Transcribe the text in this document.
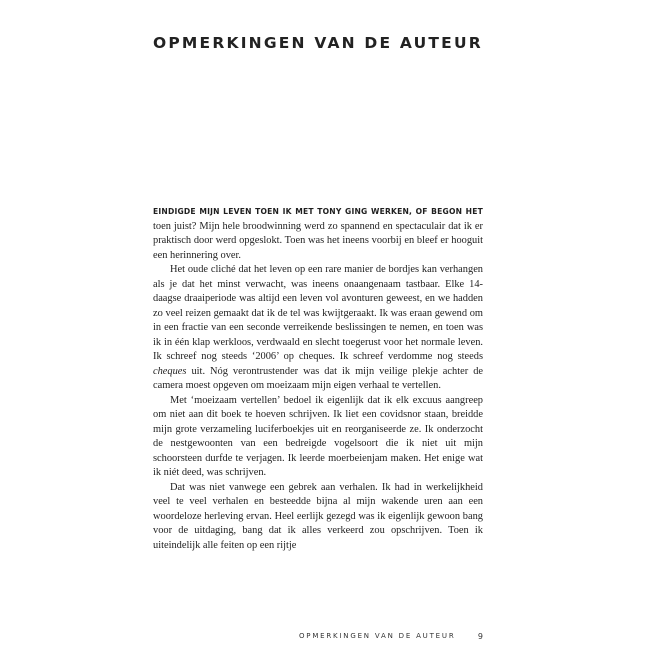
OPMERKINGEN VAN DE AUTEUR

EINDIGDE MIJN LEVEN TOEN IK MET TONY GING WERKEN, OF BEGON HET toen juist? Mijn hele broodwinning werd zo spannend en spectaculair dat ik er praktisch door werd opgeslokt. Toen was het ineens voorbij en bleef er hooguit een herinnering over.

Het oude cliché dat het leven op een rare manier de bordjes kan verhangen als je dat het minst verwacht, was ineens onaangenaam tastbaar. Elke 14-daagse draaiperiode was altijd een leven vol avonturen geweest, en we hadden zo veel reizen gemaakt dat ik de tel was kwijtgeraakt. Ik was eraan gewend om in een fractie van een seconde verreikende beslissingen te nemen, en toen was ik in één klap werkloos, verdwaald en slecht toegerust voor het normale leven. Ik schreef nog steeds ‘2006’ op cheques. Ik schreef verdomme nog steeds cheques uit. Nóg verontrustender was dat ik mijn veilige plekje achter de camera moest opgeven om moeizaam mijn eigen verhaal te vertellen.

Met ‘moeizaam vertellen’ bedoel ik eigenlijk dat ik elk excuus aangreep om niet aan dit boek te hoeven schrijven. Ik liet een covidsnor staan, breidde mijn grote verzameling luciferboekjes uit en reorganiseerde ze. Ik onderzocht de nestgewoonten van een bedreigde vogelsoort die ik niet uit mijn schoorsteen durfde te verjagen. Ik leerde moerbeienjam maken. Het enige wat ik niét deed, was schrijven.

Dat was niet vanwege een gebrek aan verhalen. Ik had in werkelijkheid veel te veel verhalen en besteedde bijna al mijn wakende uren aan een woordeloze herleving ervan. Heel eerlijk gezegd was ik eigenlijk gewoon bang voor de uitdaging, bang dat ik alles verkeerd zou opschrijven. Toen ik uiteindelijk alle feiten op een rijtje

OPMERKINGEN VAN DE AUTEUR	9
